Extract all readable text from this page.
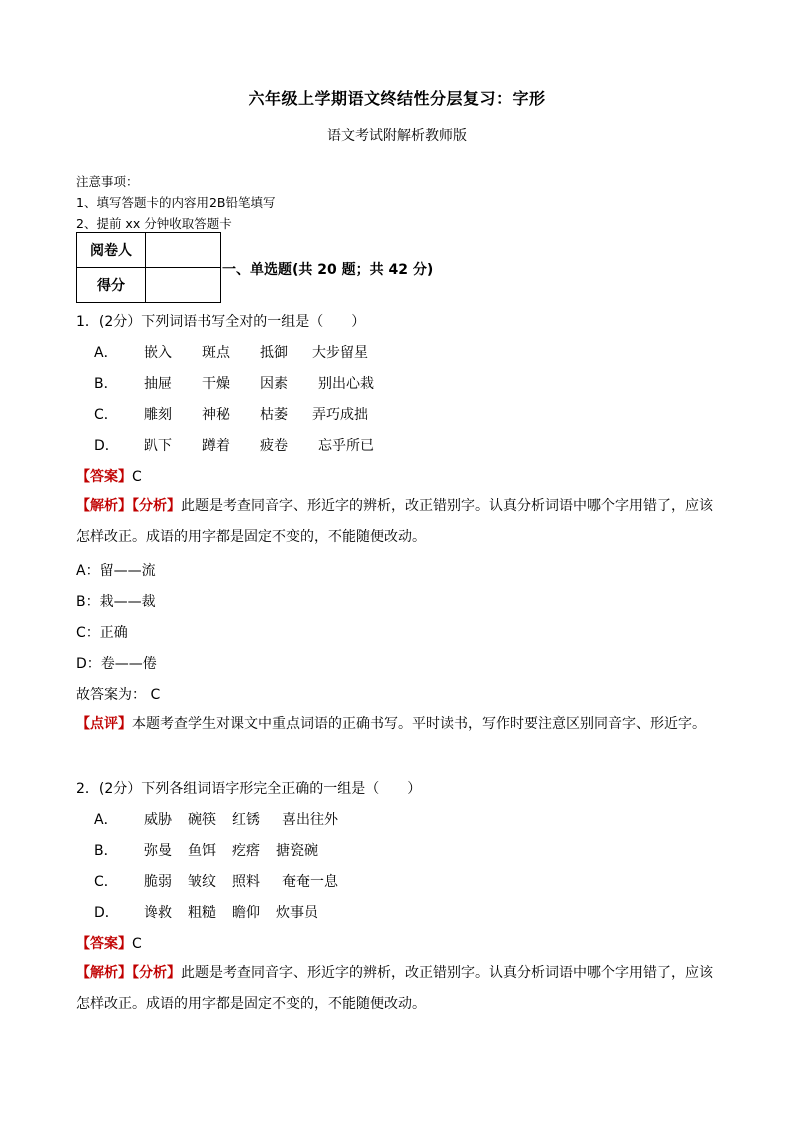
六年级上学期语文终结性分层复习：字形
语文考试附解析教师版
注意事项：
1、填写答题卡的内容用2B铅笔填写
2、提前 xx 分钟收取答题卡
阅卷人	
得分	
一、单选题(共 20 题；共 42 分)
1．(2分）下列词语书写全对的一组是（　　）
A． 嵌入 斑点 抵御 大步留星
B． 抽屉 干燥 因素 别出心栽
C． 雕刻 神秘 枯萎 弄巧成拙
D． 趴下 蹲着 疲卷 忘乎所已
【答案】C
【解析】【分析】此题是考查同音字、形近字的辨析，改正错别字。认真分析词语中哪个字用错了，应该怎样改正。成语的用字都是固定不变的，不能随便改动。
A：留——流
B：栽——裁
C：正确
D：卷——倦
故答案为： C
【点评】本题考查学生对课文中重点词语的正确书写。平时读书，写作时要注意区别同音字、形近字。
2．(2分）下列各组词语字形完全正确的一组是（　　）
A． 威胁 碗筷 红锈 喜出往外
B． 弥曼 鱼饵 疙瘩 搪瓷碗
C． 脆弱 皱纹 照料 奄奄一息
D． 谗救 粗糙 瞻仰 炊事员
【答案】C
【解析】【分析】此题是考查同音字、形近字的辨析，改正错别字。认真分析词语中哪个字用错了，应该怎样改正。成语的用字都是固定不变的，不能随便改动。
